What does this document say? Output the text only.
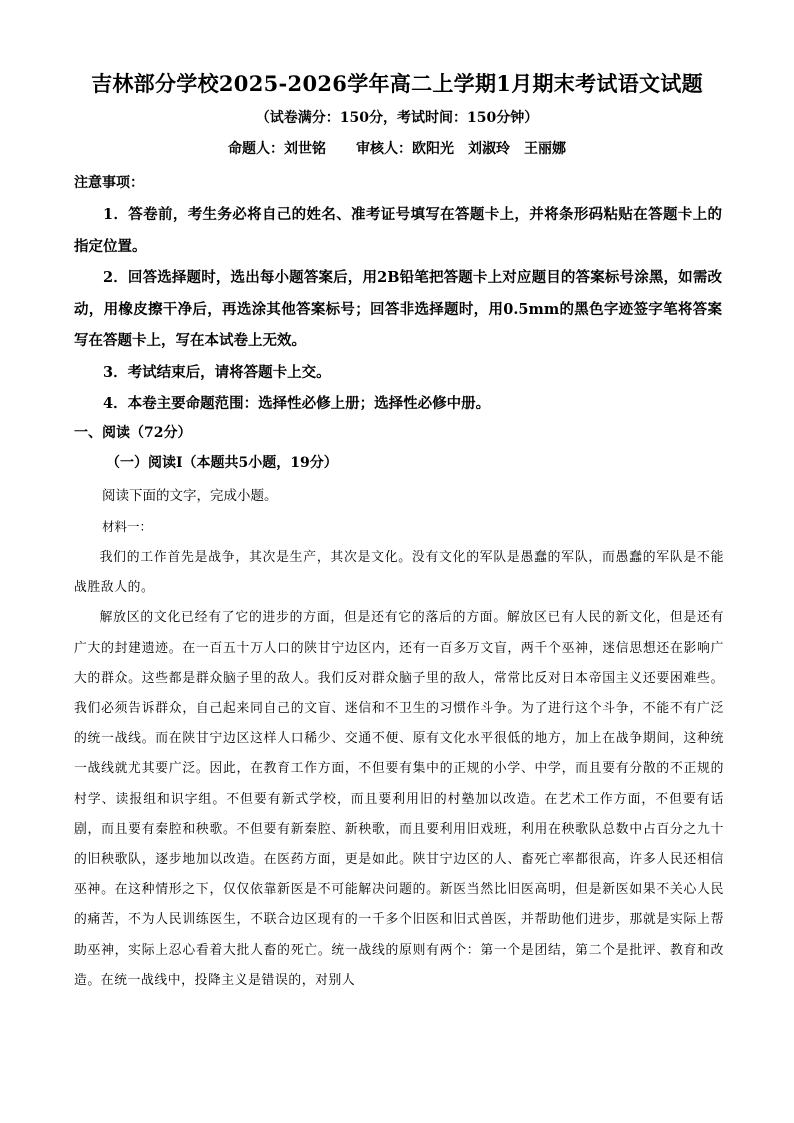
吉林部分学校2025-2026学年高二上学期1月期末考试语文试题
（试卷满分：150分，考试时间：150分钟）
命题人：刘世铭 审核人：欧阳光　刘淑玲　王丽娜
注意事项：

1．答卷前，考生务必将自己的姓名、准考证号填写在答题卡上，并将条形码粘贴在答题卡上的指定位置。

2．回答选择题时，选出每小题答案后，用2B铅笔把答题卡上对应题目的答案标号涂黑，如需改动，用橡皮擦干净后，再选涂其他答案标号；回答非选择题时，用0.5mm的黑色字迹签字笔将答案写在答题卡上，写在本试卷上无效。

3．考试结束后，请将答题卡上交。

4．本卷主要命题范围：选择性必修上册；选择性必修中册。

一、阅读（72分）
（一）阅读Ⅰ（本题共5小题，19分）
阅读下面的文字，完成小题。
材料一：

我们的工作首先是战争，其次是生产，其次是文化。没有文化的军队是愚蠢的军队，而愚蠢的军队是不能战胜敌人的。

解放区的文化已经有了它的进步的方面，但是还有它的落后的方面。解放区已有人民的新文化，但是还有广大的封建遗迹。在一百五十万人口的陕甘宁边区内，还有一百多万文盲，两千个巫神，迷信思想还在影响广大的群众。这些都是群众脑子里的敌人。我们反对群众脑子里的敌人，常常比反对日本帝国主义还要困难些。我们必须告诉群众，自己起来同自己的文盲、迷信和不卫生的习惯作斗争。为了进行这个斗争，不能不有广泛的统一战线。而在陕甘宁边区这样人口稀少、交通不便、原有文化水平很低的地方，加上在战争期间，这种统一战线就尤其要广泛。因此，在教育工作方面，不但要有集中的正规的小学、中学，而且要有分散的不正规的村学、读报组和识字组。不但要有新式学校，而且要利用旧的村塾加以改造。在艺术工作方面，不但要有话剧，而且要有秦腔和秧歌。不但要有新秦腔、新秧歌，而且要利用旧戏班，利用在秧歌队总数中占百分之九十的旧秧歌队，逐步地加以改造。在医药方面，更是如此。陕甘宁边区的人、畜死亡率都很高，许多人民还相信巫神。在这种情形之下，仅仅依靠新医是不可能解决问题的。新医当然比旧医高明，但是新医如果不关心人民的痛苦，不为人民训练医生，不联合边区现有的一千多个旧医和旧式兽医，并帮助他们进步，那就是实际上帮助巫神，实际上忍心看着大批人畜的死亡。统一战线的原则有两个：第一个是团结，第二个是批评、教育和改造。在统一战线中，投降主义是错误的，对别人
